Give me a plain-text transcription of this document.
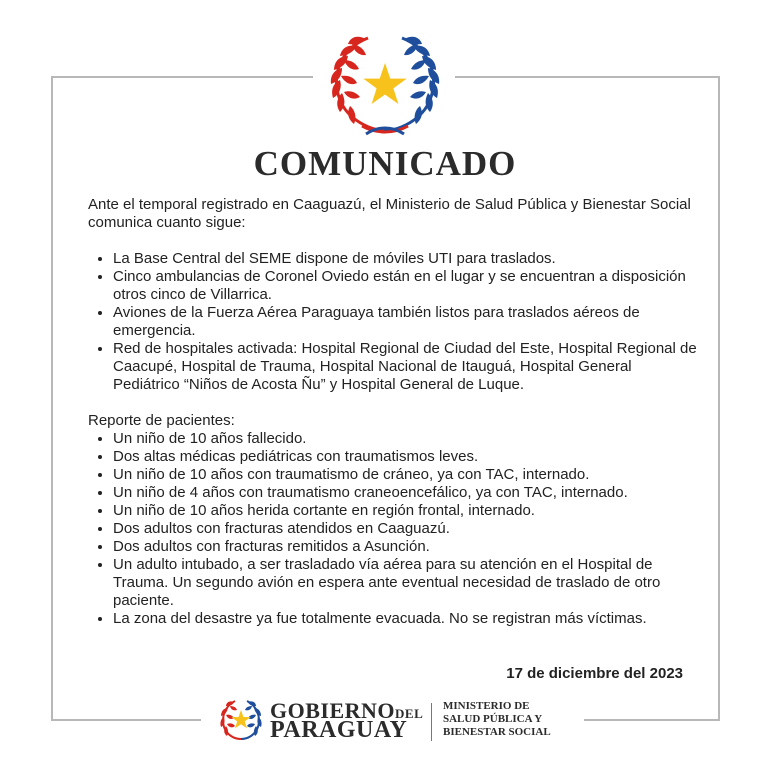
COMUNICADO

Ante el temporal registrado en Caaguazú, el Ministerio de Salud Pública y Bienestar Social comunica cuanto sigue:

• La Base Central del SEME dispone de móviles UTI para traslados.
• Cinco ambulancias de Coronel Oviedo están en el lugar y se encuentran a disposición otros cinco de Villarrica.
• Aviones de la Fuerza Aérea Paraguaya también listos para traslados aéreos de emergencia.
• Red de hospitales activada: Hospital Regional de Ciudad del Este, Hospital Regional de Caacupé, Hospital de Trauma, Hospital Nacional de Itauguá, Hospital General Pediátrico “Niños de Acosta Ñu” y Hospital General de Luque.

Reporte de pacientes:

• Un niño de 10 años fallecido.
• Dos altas médicas pediátricas con traumatismos leves.
• Un niño de 10 años con traumatismo de cráneo, ya con TAC, internado.
• Un niño de 4 años con traumatismo craneoencefálico, ya con TAC, internado.
• Un niño de 10 años herida cortante en región frontal, internado.
• Dos adultos con fracturas atendidos en Caaguazú.
• Dos adultos con fracturas remitidos a Asunción.
• Un adulto intubado, a ser trasladado vía aérea para su atención en el Hospital de Trauma. Un segundo avión en espera ante eventual necesidad de traslado de otro paciente.
• La zona del desastre ya fue totalmente evacuada. No se registran más víctimas.
17 de diciembre del 2023
GOBIERNODEL
PARAGUAY
MINISTERIO DE
SALUD PÚBLICA Y
BIENESTAR SOCIAL
